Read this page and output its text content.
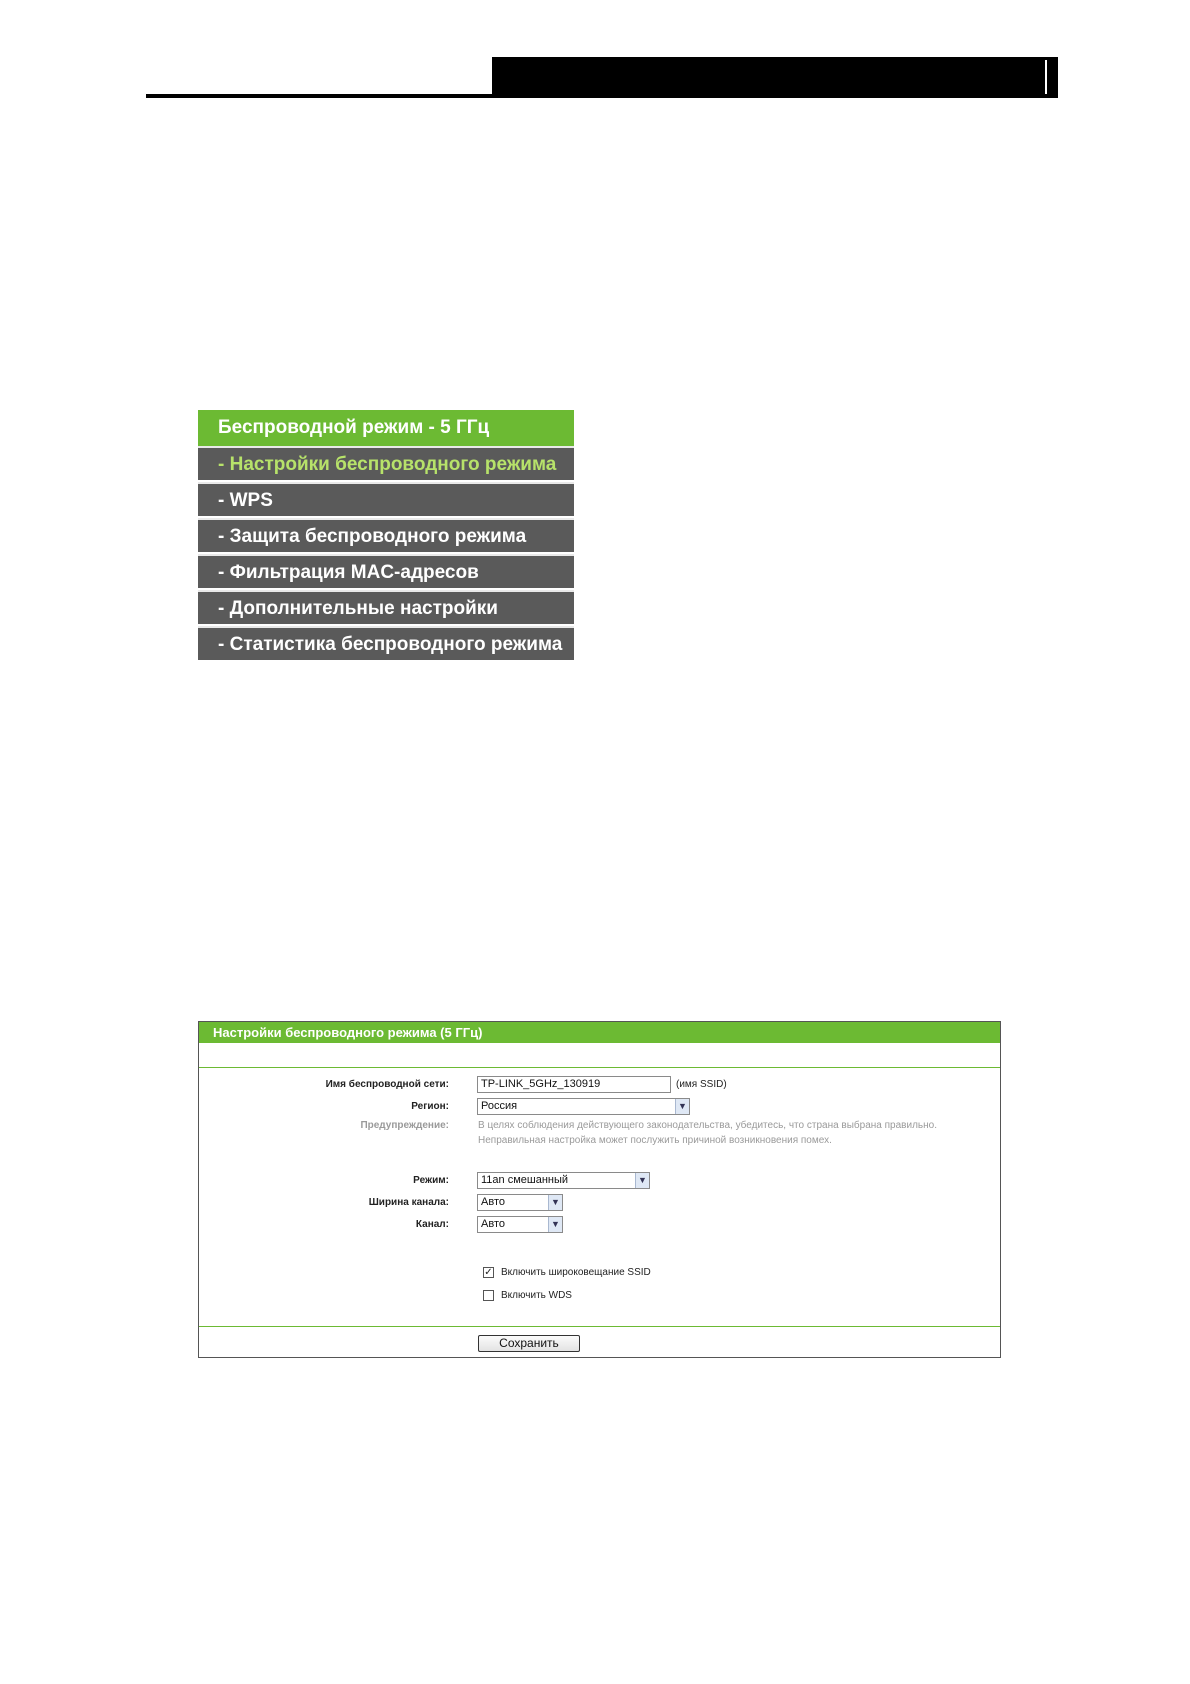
Беспроводной режим - 5 ГГц
- Настройки беспроводного режима
- WPS
- Защита беспроводного режима
- Фильтрация MAC-адресов
- Дополнительные настройки
- Статистика беспроводного режима
Настройки беспроводного режима (5 ГГц)
Имя беспроводной сети:	TP-LINK_5GHz_130919	(имя SSID)
Регион:	Россия	▼
Предупреждение:	В целях соблюдения действующего законодательства, убедитесь, что страна выбрана правильно.
Неправильная настройка может послужить причиной возникновения помех.
Режим:	11an смешанный	▼
Ширина канала:	Авто	▼
Канал:	Авто	▼
✓ Включить широковещание SSID
Включить WDS
Сохранить
